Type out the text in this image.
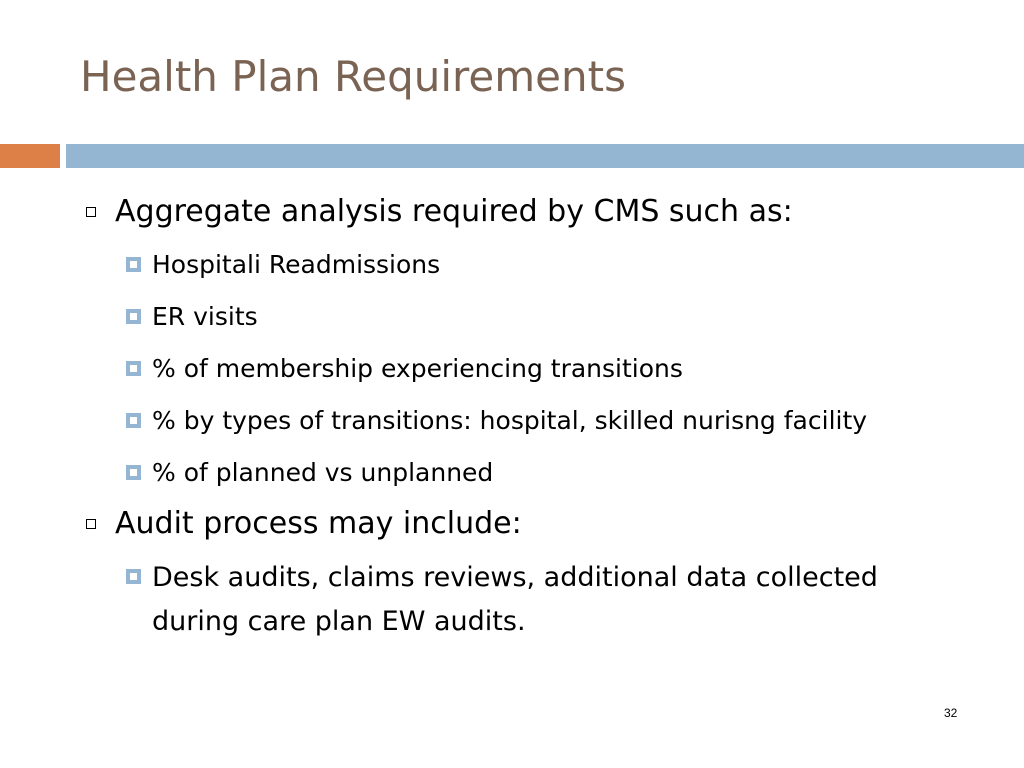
Health Plan Requirements
Aggregate analysis required by CMS such as:
Hospitali Readmissions
ER visits
% of membership experiencing transitions
% by types of transitions: hospital, skilled nurisng facility
% of planned vs unplanned
Audit process may include:
Desk audits, claims reviews, additional data collected during care plan EW audits.
32
